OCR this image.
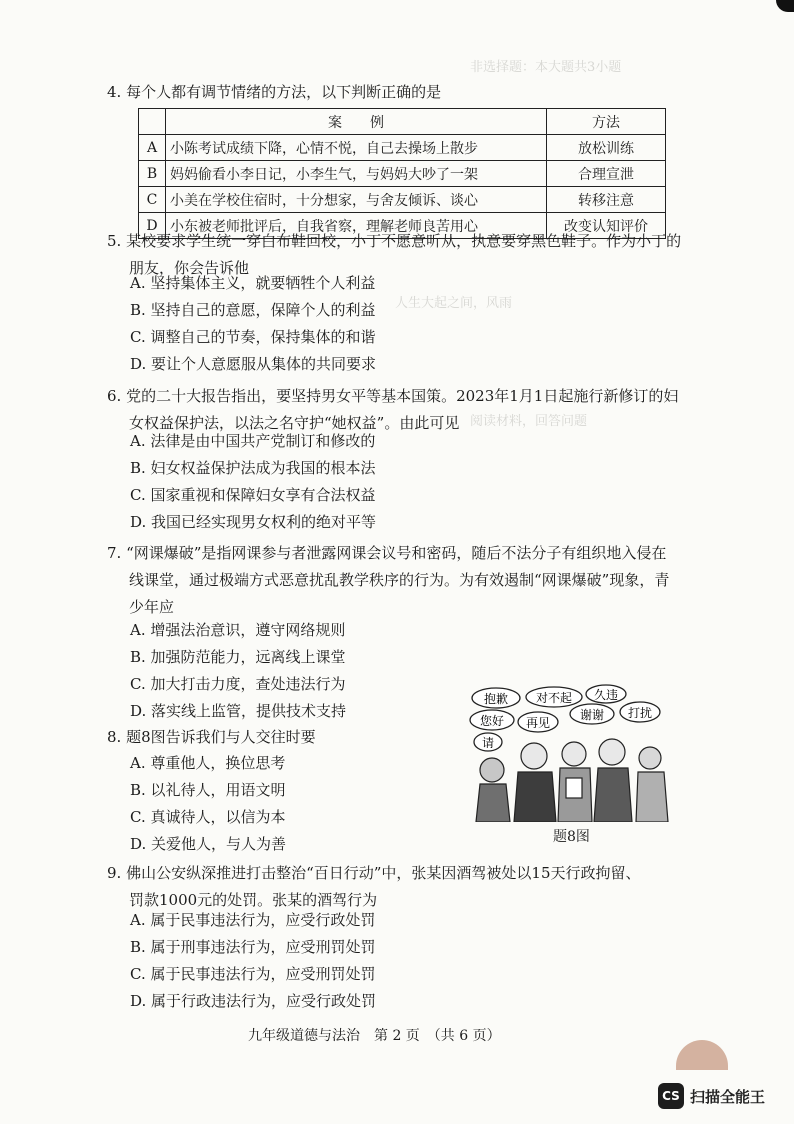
非选择题：本大题共3小题
人生大起之间，风雨
阅读材料，回答问题
4. 每个人都有调节情绪的方法，以下判断正确的是
	案　　例	方法
A	小陈考试成绩下降，心情不悦，自己去操场上散步	放松训练
B	妈妈偷看小李日记，小李生气，与妈妈大吵了一架	合理宣泄
C	小美在学校住宿时，十分想家，与舍友倾诉、谈心	转移注意
D	小东被老师批评后，自我省察，理解老师良苦用心	改变认知评价
5. 某校要求学生统一穿白布鞋回校，小丁不愿意听从，执意要穿黑色鞋子。作为小丁的
朋友，你会告诉他
A. 坚持集体主义，就要牺牲个人利益
B. 坚持自己的意愿，保障个人的利益
C. 调整自己的节奏，保持集体的和谐
D. 要让个人意愿服从集体的共同要求
6. 党的二十大报告指出，要坚持男女平等基本国策。2023年1月1日起施行新修订的妇
女权益保护法，以法之名守护“她权益”。由此可见
A. 法律是由中国共产党制订和修改的
B. 妇女权益保护法成为我国的根本法
C. 国家重视和保障妇女享有合法权益
D. 我国已经实现男女权利的绝对平等
7. “网课爆破”是指网课参与者泄露网课会议号和密码，随后不法分子有组织地入侵在
线课堂，通过极端方式恶意扰乱教学秩序的行为。为有效遏制“网课爆破”现象，青
少年应
A. 增强法治意识，遵守网络规则
B. 加强防范能力，远离线上课堂
C. 加大打击力度，查处违法行为
D. 落实线上监管，提供技术支持
8. 题8图告诉我们与人交往时要
A. 尊重他人，换位思考
B. 以礼待人，用语文明
C. 真诚待人，以信为本
D. 关爱他人，与人为善
抱歉 对不起 久违
您好 再见
谢谢 打扰
请
题8图
9. 佛山公安纵深推进打击整治“百日行动”中，张某因酒驾被处以15天行政拘留、
罚款1000元的处罚。张某的酒驾行为
A. 属于民事违法行为，应受行政处罚
B. 属于刑事违法行为，应受刑罚处罚
C. 属于民事违法行为，应受刑罚处罚
D. 属于行政违法行为，应受行政处罚
九年级道德与法治　第 2 页　（共 6 页）
CS 扫描全能王
